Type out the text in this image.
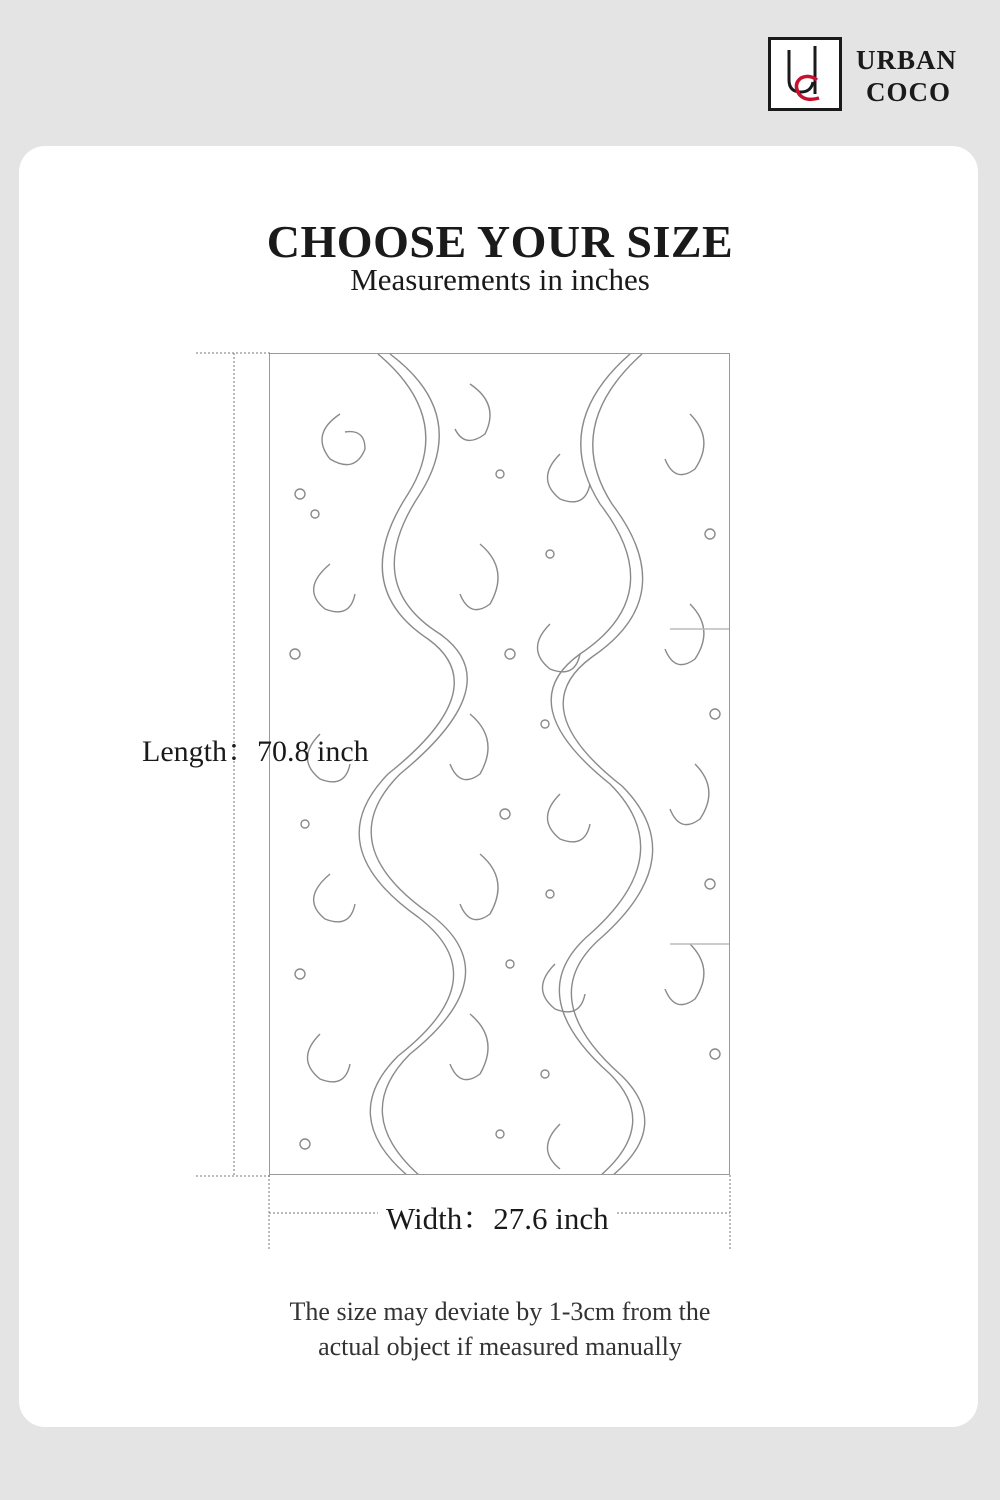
URBAN
COCO
CHOOSE YOUR SIZE
Measurements in inches
Length：70.8 inch
Width：27.6 inch
The size may deviate by 1-3cm from the
actual object if measured manually
